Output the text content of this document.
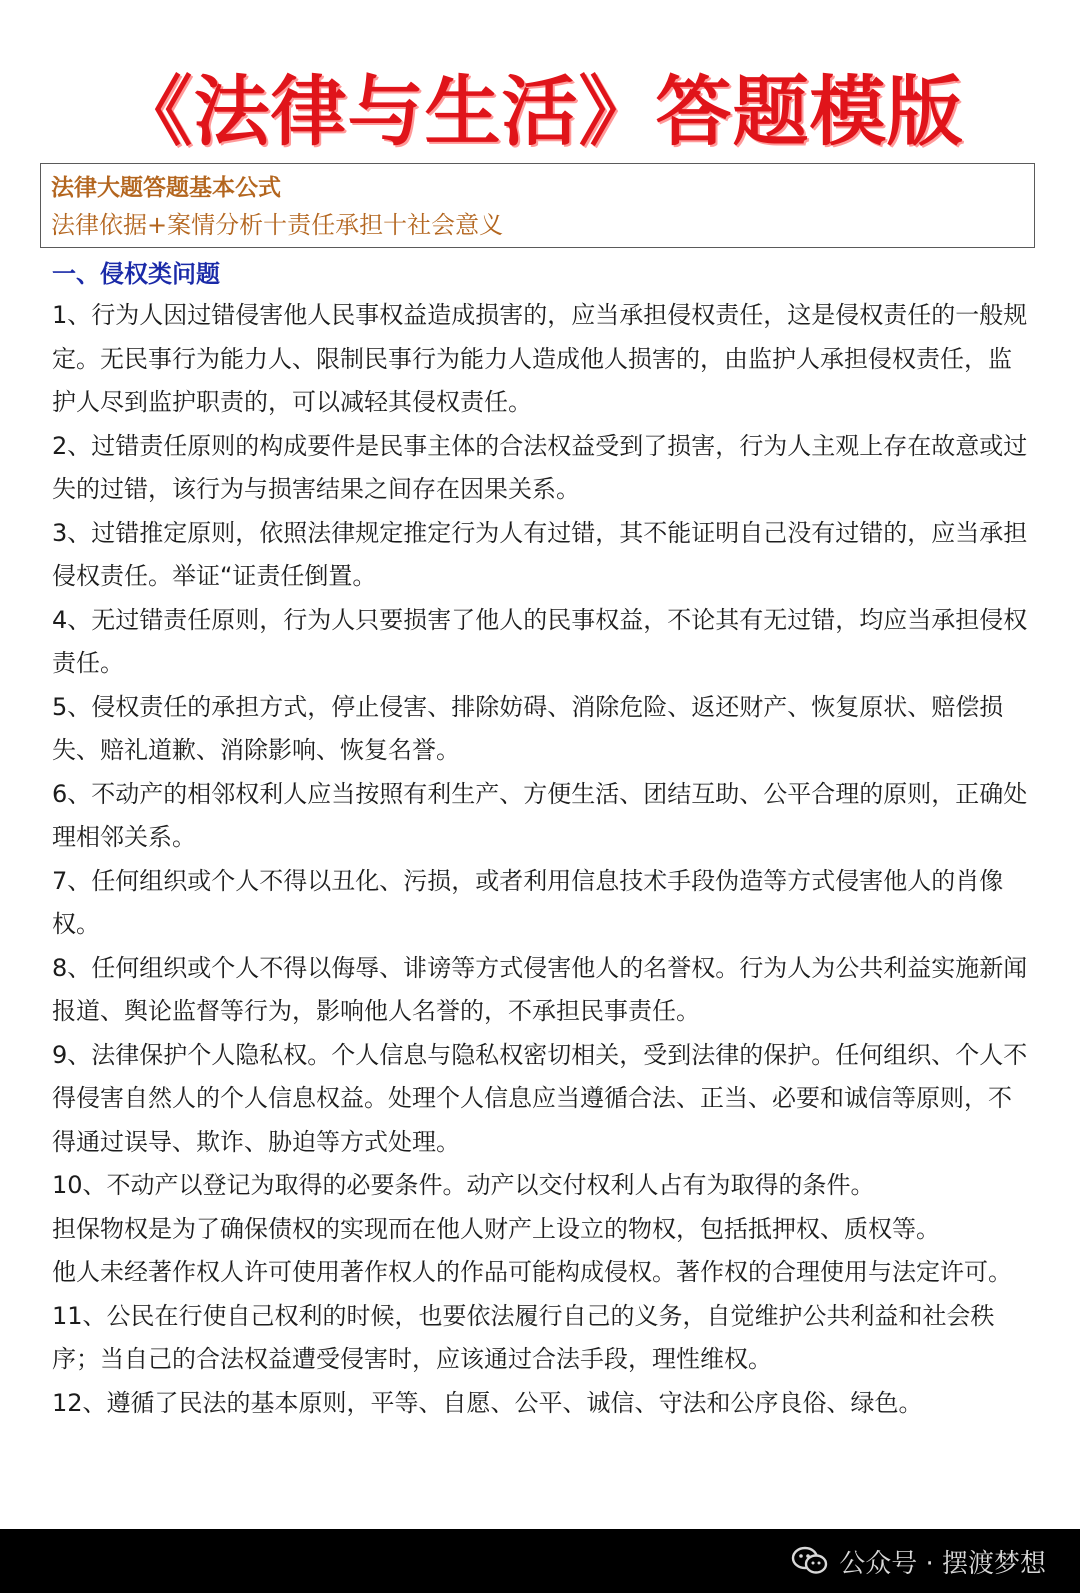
《法律与生活》答题模版
法律大题答题基本公式
法律依据+案情分析十责任承担十社会意义
一、侵权类问题

1、行为人因过错侵害他人民事权益造成损害的，应当承担侵权责任，这是侵权责任的一般规定。无民事行为能力人、限制民事行为能力人造成他人损害的，由监护人承担侵权责任，监护人尽到监护职责的，可以减轻其侵权责任。

2、过错责任原则的构成要件是民事主体的合法权益受到了损害，行为人主观上存在故意或过失的过错，该行为与损害结果之间存在因果关系。

3、过错推定原则，依照法律规定推定行为人有过错，其不能证明自己没有过错的，应当承担侵权责任。举证“证责任倒置。

4、无过错责任原则，行为人只要损害了他人的民事权益，不论其有无过错，均应当承担侵权责任。

5、侵权责任的承担方式，停止侵害、排除妨碍、消除危险、返还财产、恢复原状、赔偿损失、赔礼道歉、消除影响、恢复名誉。

6、不动产的相邻权利人应当按照有利生产、方便生活、团结互助、公平合理的原则，正确处理相邻关系。

7、任何组织或个人不得以丑化、污损，或者利用信息技术手段伪造等方式侵害他人的肖像权。

8、任何组织或个人不得以侮辱、诽谤等方式侵害他人的名誉权。行为人为公共利益实施新闻报道、舆论监督等行为，影响他人名誉的，不承担民事责任。

9、法律保护个人隐私权。个人信息与隐私权密切相关，受到法律的保护。任何组织、个人不得侵害自然人的个人信息权益。处理个人信息应当遵循合法、正当、必要和诚信等原则，不得通过误导、欺诈、胁迫等方式处理。

10、不动产以登记为取得的必要条件。动产以交付权利人占有为取得的条件。

担保物权是为了确保债权的实现而在他人财产上设立的物权，包括抵押权、质权等。

他人未经著作权人许可使用著作权人的作品可能构成侵权。著作权的合理使用与法定许可。

11、公民在行使自己权利的时候，也要依法履行自己的义务，自觉维护公共利益和社会秩序；当自己的合法权益遭受侵害时，应该通过合法手段，理性维权。

12、遵循了民法的基本原则，平等、自愿、公平、诚信、守法和公序良俗、绿色。

公众号 · 摆渡梦想
